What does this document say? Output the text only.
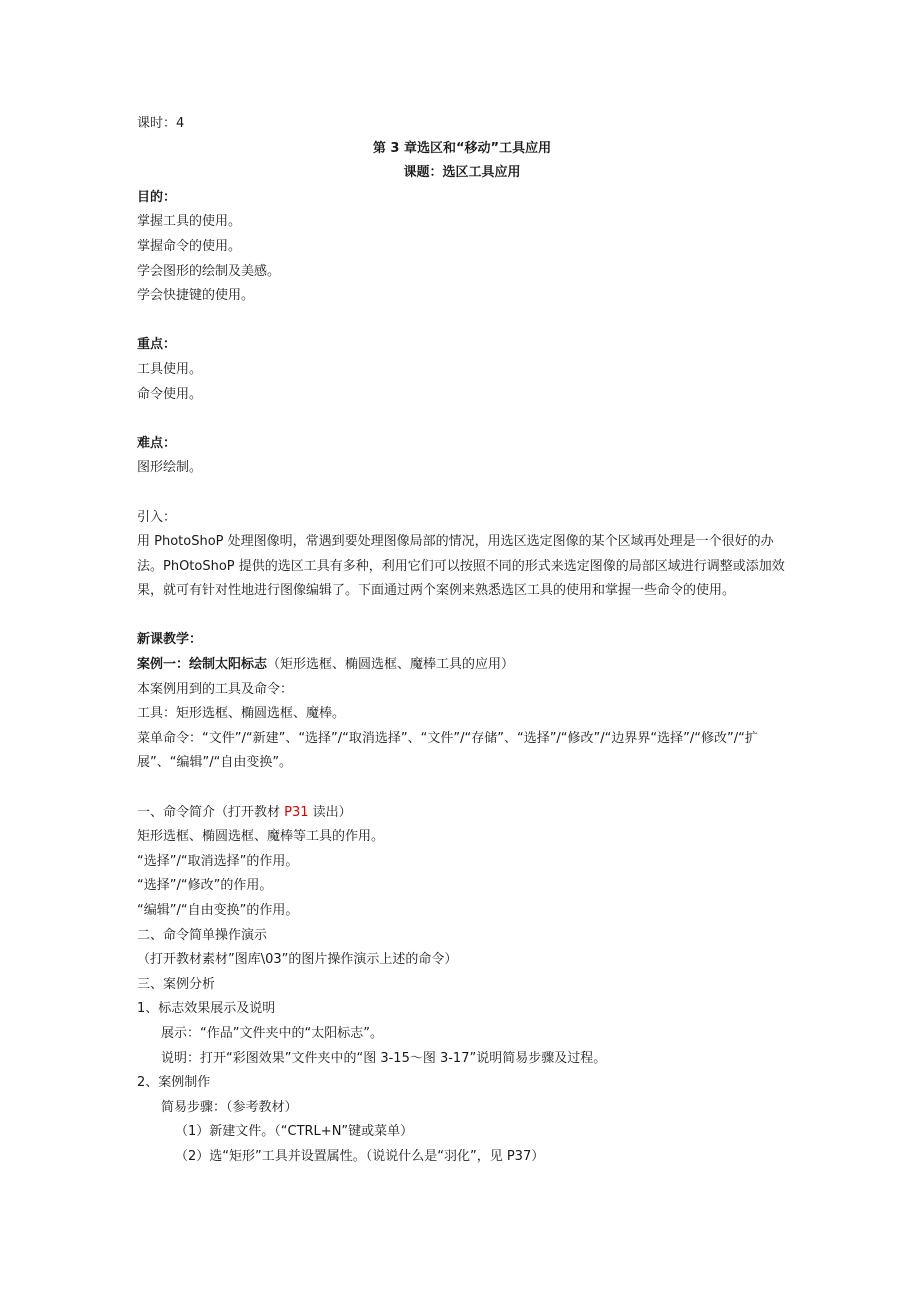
课时：4
第 3 章选区和“移动”工具应用
课题：选区工具应用
目的：
掌握工具的使用。
掌握命令的使用。
学会图形的绘制及美感。
学会快捷键的使用。
重点：
工具使用。
命令使用。
难点：
图形绘制。
引入：
用 PhotoShoP 处理图像明，常遇到要处理图像局部的情况，用选区选定图像的某个区域再处理是一个很好的办法。PhOtoShoP 提供的选区工具有多种，利用它们可以按照不同的形式来选定图像的局部区域进行调整或添加效果，就可有针对性地进行图像编辑了。下面通过两个案例来熟悉选区工具的使用和掌握一些命令的使用。
新课教学：
案例一：绘制太阳标志（矩形选框、椭圆选框、魔棒工具的应用）
本案例用到的工具及命令：
工具：矩形选框、椭圆选框、魔棒。
菜单命令：“文件”/“新建”、“选择”/“取消选择”、“文件”/“存储”、“选择”/“修改”/“边界界“选择”/“修改”/“扩展”、“编辑”/“自由变换”。
一、命令简介（打开教材 P31 读出）
矩形选框、椭圆选框、魔棒等工具的作用。
“选择”/“取消选择”的作用。
“选择”/“修改”的作用。
“编辑”/“自由变换”的作用。
二、命令简单操作演示
（打开教材素材”图库\03”的图片操作演示上述的命令）
三、案例分析
1、标志效果展示及说明
展示：“作品”文件夹中的“太阳标志”。
说明：打开“彩图效果”文件夹中的“图 3-15～图 3-17”说明简易步骤及过程。
2、案例制作
简易步骤：（参考教材）
（1）新建文件。（“CTRL+N”键或菜单）
（2）选“矩形”工具并设置属性。（说说什么是“羽化”，见 P37）
